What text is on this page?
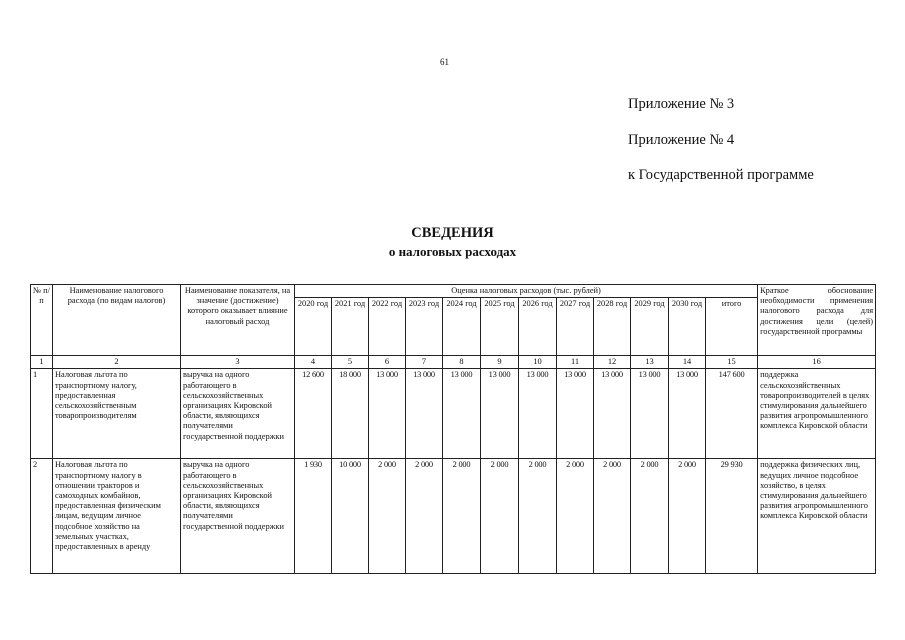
61
Приложение № 3
Приложение № 4
к Государственной программе
СВЕДЕНИЯ
о налоговых расходах
№ п/п	Наименование налогового расхода (по видам налогов)	Наименование показателя, на значение (достижение) которого оказывает влияние налоговый расход	Оценка налоговых расходов (тыс. рублей)												Краткое обоснование необходимости применения налогового расхода для достижения цели (целей) государственной программы
			2020 год	2021 год	2022 год	2023 год	2024 год	2025 год	2026 год	2027 год	2028 год	2029 год	2030 год	итого	
1	2	3	4	5	6	7	8	9	10	11	12	13	14	15	16
1	Налоговая льгота по транспортному налогу, предоставленная сельскохозяйственным товаропроизводителям	выручка на одного работающего в сельскохозяйственных организациях Кировской области, являющихся получателями государственной поддержки	12 600	18 000	13 000	13 000	13 000	13 000	13 000	13 000	13 000	13 000	13 000	147 600	поддержка сельскохозяйственных товаропроизводителей в целях стимулирования дальнейшего развития агропромышленного комплекса Кировской области
2	Налоговая льгота по транспортному налогу в отношении тракторов и самоходных комбайнов, предоставленная физическим лицам, ведущим личное подсобное хозяйство на земельных участках, предоставленных в аренду	выручка на одного работающего в сельскохозяйственных организациях Кировской области, являющихся получателями государственной поддержки	1 930	10 000	2 000	2 000	2 000	2 000	2 000	2 000	2 000	2 000	2 000	29 930	поддержка физических лиц, ведущих личное подсобное хозяйство, в целях стимулирования дальнейшего развития агропромышленного комплекса Кировской области
